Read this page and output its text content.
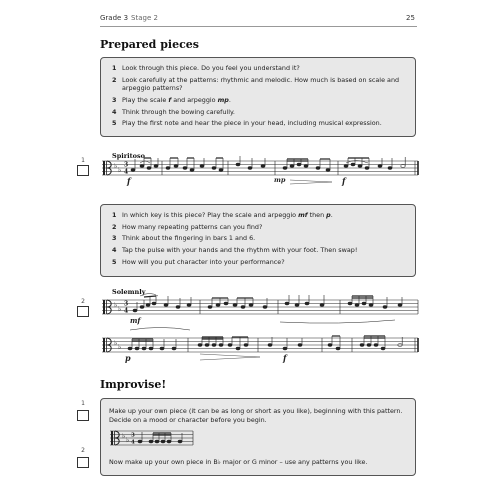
Grade 3 Stage 2	25
Prepared pieces
1 Look through this piece. Do you feel you understand it?
2 Look carefully at the patterns: rhythmic and melodic. How much is based on scale and arpeggio patterns?
3 Play the scale f and arpeggio mp.
4 Think through the bowing carefully.
5 Play the first note and hear the piece in your head, including musical expression.
1
Spiritoso
♭ ♭
3
4
f	mp	f
1 In which key is this piece? Play the scale and arpeggio mf then p.
2 How many repeating patterns can you find?
3 Think about the fingering in bars 1 and 6.
4 Tap the pulse with your hands and the rhythm with your foot. Then swap!
5 How will you put character into your performance?
2
Solemnly
♭ ♭
3
4
♭ ♭
mf
p	f
Improvise!
1
2
Make up your own piece (it can be as long or short as you like), beginning with this pattern. Decide on a mood or character before you begin.
♭ ♭
3
4
Now make up your own piece in B♭ major or G minor – use any patterns you like.
